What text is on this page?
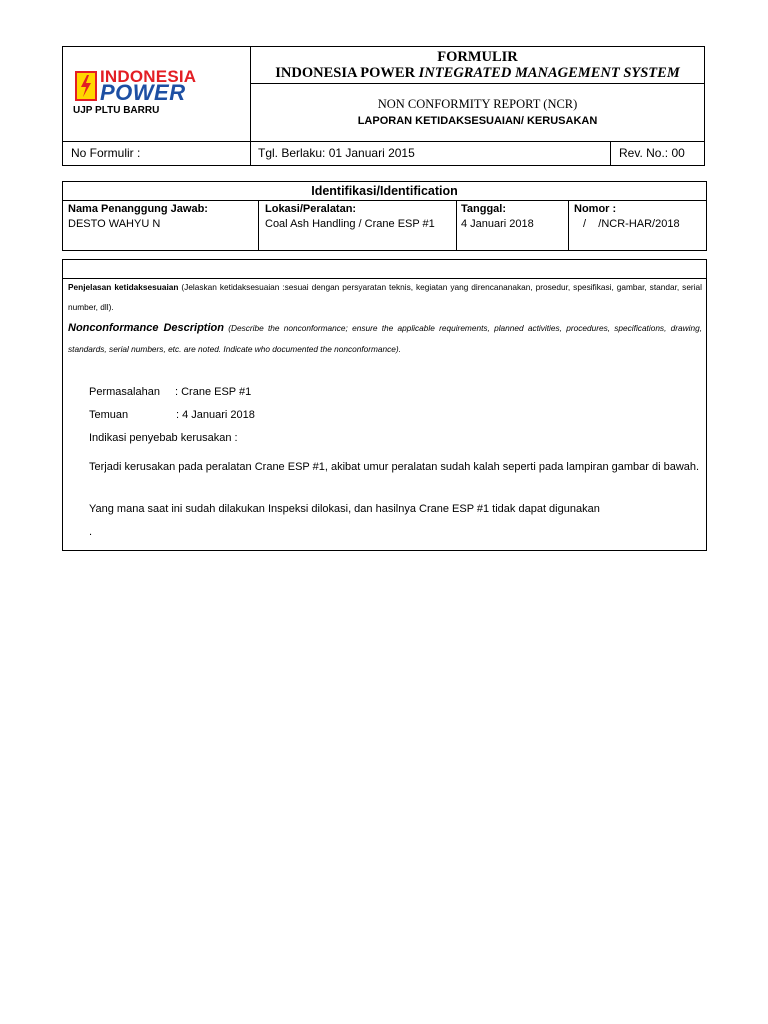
INDONESIA
POWER
UJP PLTU BARRU
FORMULIR
INDONESIA POWER INTEGRATED MANAGEMENT SYSTEM
NON CONFORMITY REPORT (NCR)
LAPORAN KETIDAKSESUAIAN/ KERUSAKAN
No Formulir :	Tgl. Berlaku: 01 Januari 2015	Rev. No.: 00
Identifikasi/Identification
Nama Penanggung Jawab:
DESTO WAHYU N
Lokasi/Peralatan:
Coal Ash Handling / Crane ESP #1
Tanggal:
4 Januari 2018
Nomor :
/    /NCR-HAR/2018
Penjelasan ketidaksesuaian (Jelaskan ketidaksesuaian :sesuai dengan persyaratan teknis, kegiatan yang direncananakan, prosedur, spesifikasi, gambar, standar, serial number, dll).
Nonconformance Description (Describe the nonconformance; ensure the applicable requirements, planned activities, procedures, specifications, drawing, standards, serial numbers, etc. are noted. Indicate who documented the nonconformance).
Permasalahan : Crane ESP #1
Temuan	: 4 Januari 2018
Indikasi penyebab kerusakan :
Terjadi kerusakan pada peralatan Crane ESP #1, akibat umur peralatan sudah kalah seperti pada lampiran gambar di bawah.
Yang mana saat ini sudah dilakukan Inspeksi dilokasi, dan hasilnya Crane ESP #1 tidak dapat digunakan
.
